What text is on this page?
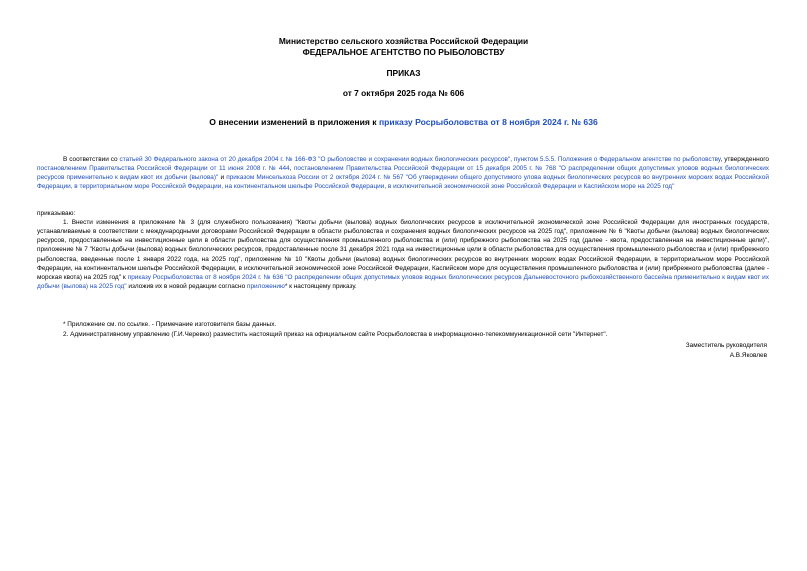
Министерство сельского хозяйства Российской Федерации
ФЕДЕРАЛЬНОЕ АГЕНТСТВО ПО РЫБОЛОВСТВУ
ПРИКАЗ
от 7 октября 2025 года № 606
О внесении изменений в приложения к приказу Росрыболовства от 8 ноября 2024 г. № 636
В соответствии со статьей 30 Федерального закона от 20 декабря 2004 г. № 166-ФЗ "О рыболовстве и сохранении водных биологических ресурсов", пунктом 5.5.5. Положения о Федеральном агентстве по рыболовству, утвержденного постановлением Правительства Российской Федерации от 11 июня 2008 г. № 444, постановлением Правительства Российской Федерации от 15 декабря 2005 г. № 768 "О распределении общих допустимых уловов водных биологических ресурсов применительно к видам квот их добычи (вылова)" и приказом Минсельхоза России от 2 октября 2024 г. № 567 "Об утверждении общего допустимого улова водных биологических ресурсов во внутренних морских водах Российской Федерации, в территориальном море Российской Федерации, на континентальном шельфе Российской Федерации, в исключительной экономической зоне Российской Федерации и Каспийском море на 2025 год"
приказываю:
1. Внести изменения в приложение № 3 (для служебного пользования) "Квоты добычи (вылова) водных биологических ресурсов в исключительной экономической зоне Российской Федерации для иностранных государств, устанавливаемые в соответствии с международными договорами Российской Федерации в области рыболовства и сохранения водных биологических ресурсов на 2025 год", приложение № 6 "Квоты добычи (вылова) водных биологических ресурсов, предоставленные на инвестиционные цели в области рыболовства для осуществления промышленного рыболовства и (или) прибрежного рыболовства на 2025 год (далее - квота, предоставленная на инвестиционные цели)", приложение № 7 "Квоты добычи (вылова) водных биологических ресурсов, предоставленные после 31 декабря 2021 года на инвестиционные цели в области рыболовства для осуществления промышленного рыболовства и (или) прибрежного рыболовства, введенные после 1 января 2022 года, на 2025 год", приложение № 10 "Квоты добычи (вылова) водных биологических ресурсов во внутренних морских водах Российской Федерации, в территориальном море Российской Федерации, на континентальном шельфе Российской Федерации, в исключительной экономической зоне Российской Федерации, Каспийском море для осуществления промышленного рыболовства и (или) прибрежного рыболовства (далее - морская квота) на 2025 год" к приказу Росрыболовства от 8 ноября 2024 г. № 636 "О распределении общих допустимых уловов водных биологических ресурсов Дальневосточного рыбохозяйственного бассейна применительно к видам квот их добычи (вылова) на 2025 год" изложив их в новой редакции согласно приложению* к настоящему приказу.
* Приложение см. по ссылке. - Примечание изготовителя базы данных.
2. Административному управлению (Г.И.Черевко) разместить настоящий приказ на официальном сайте Росрыболовства в информационно-телекоммуникационной сети "Интернет".
Заместитель руководителя
А.В.Яковлев
